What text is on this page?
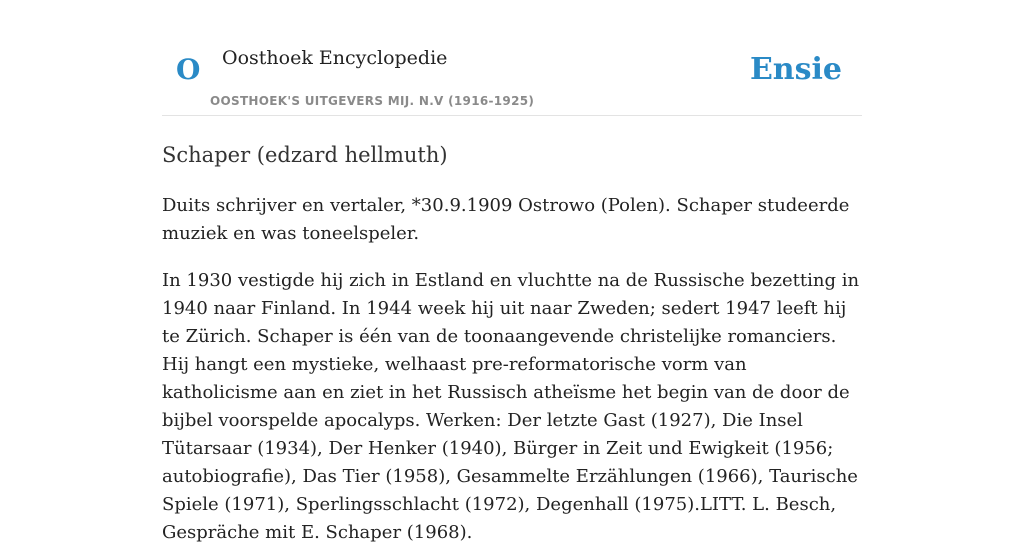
O Oosthoek Encyclopedie
OOSTHOEK'S UITGEVERS MIJ. N.V (1916-1925)
Ensie
Schaper (edzard hellmuth)

Duits schrijver en vertaler, *30.9.1909 Ostrowo (Polen). Schaper studeerde muziek en was toneelspeler.

In 1930 vestigde hij zich in Estland en vluchtte na de Russische bezetting in 1940 naar Finland. In 1944 week hij uit naar Zweden; sedert 1947 leeft hij te Zürich. Schaper is één van de toonaangevende christelijke romanciers. Hij hangt een mystieke, welhaast pre-reformatorische vorm van katholicisme aan en ziet in het Russisch atheïsme het begin van de door de bijbel voorspelde apocalyps. Werken: Der letzte Gast (1927), Die Insel Tütarsaar (1934), Der Henker (1940), Bürger in Zeit und Ewigkeit (1956; autobiografie), Das Tier (1958), Gesammelte Erzählungen (1966), Taurische Spiele (1971), Sperlingsschlacht (1972), Degenhall (1975).LITT. L. Besch, Gespräche mit E. Schaper (1968).
